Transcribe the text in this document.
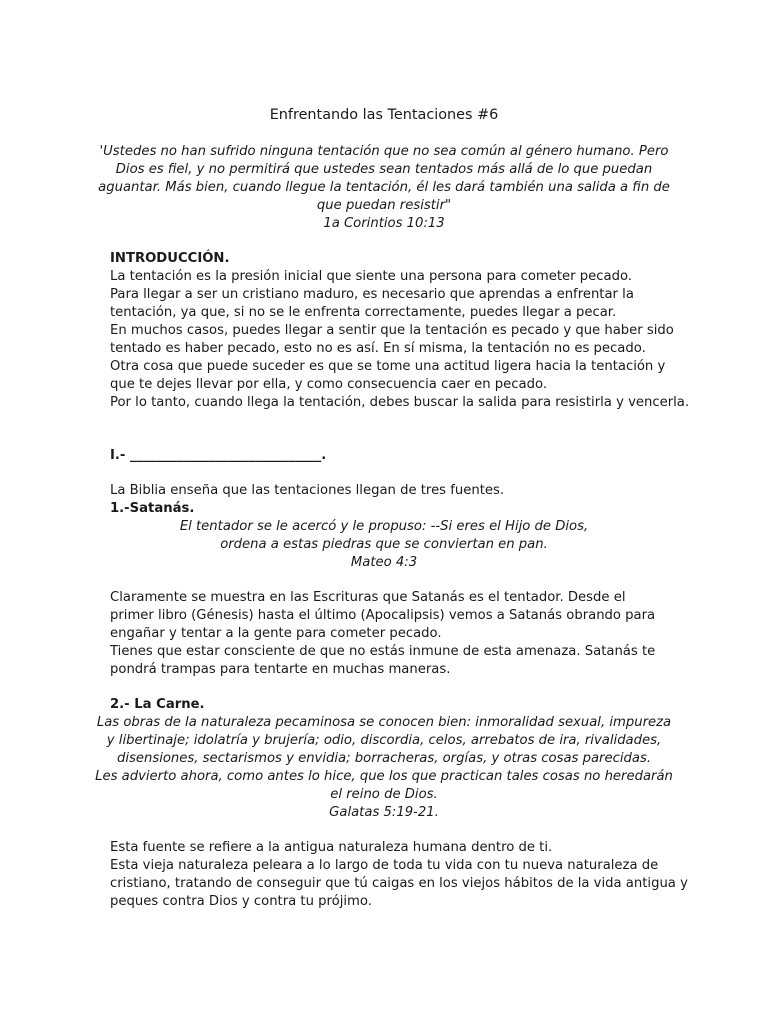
Enfrentando las Tentaciones #6

'Ustedes no han sufrido ninguna tentación que no sea común al género humano. Pero

Dios es fiel, y no permitirá que ustedes sean tentados más allá de lo que puedan

aguantar. Más bien, cuando llegue la tentación, él les dará también una salida a fin de

que puedan resistir"

1a Corintios 10:13

INTRODUCCIÓN.

La tentación es la presión inicial que siente una persona para cometer pecado.

Para llegar a ser un cristiano maduro, es necesario que aprendas a enfrentar la

tentación, ya que, si no se le enfrenta correctamente, puedes llegar a pecar.

En muchos casos, puedes llegar a sentir que la tentación es pecado y que haber sido

tentado es haber pecado, esto no es así. En sí misma, la tentación no es pecado.

Otra cosa que puede suceder es que se tome una actitud ligera hacia la tentación y

que te dejes llevar por ella, y como consecuencia caer en pecado.

Por lo tanto, cuando llega la tentación, debes buscar la salida para resistirla y vencerla.

I.- _____________________________.

La Biblia enseña que las tentaciones llegan de tres fuentes.

1.-Satanás.

El tentador se le acercó y le propuso: --Si eres el Hijo de Dios,

ordena a estas piedras que se conviertan en pan.

Mateo 4:3

Claramente se muestra en las Escrituras que Satanás es el tentador. Desde el

primer libro (Génesis) hasta el último (Apocalipsis) vemos a Satanás obrando para

engañar y tentar a la gente para cometer pecado.

Tienes que estar consciente de que no estás inmune de esta amenaza. Satanás te

pondrá trampas para tentarte en muchas maneras.

2.- La Carne.

Las obras de la naturaleza pecaminosa se conocen bien: inmoralidad sexual, impureza

y libertinaje; idolatría y brujería; odio, discordia, celos, arrebatos de ira, rivalidades,

disensiones, sectarismos y envidia; borracheras, orgías, y otras cosas parecidas.

Les advierto ahora, como antes lo hice, que los que practican tales cosas no heredarán

el reino de Dios.

Galatas 5:19-21.

Esta fuente se refiere a la antigua naturaleza humana dentro de ti.

Esta vieja naturaleza peleara a lo largo de toda tu vida con tu nueva naturaleza de

cristiano, tratando de conseguir que tú caigas en los viejos hábitos de la vida antigua y

peques contra Dios y contra tu prójimo.
